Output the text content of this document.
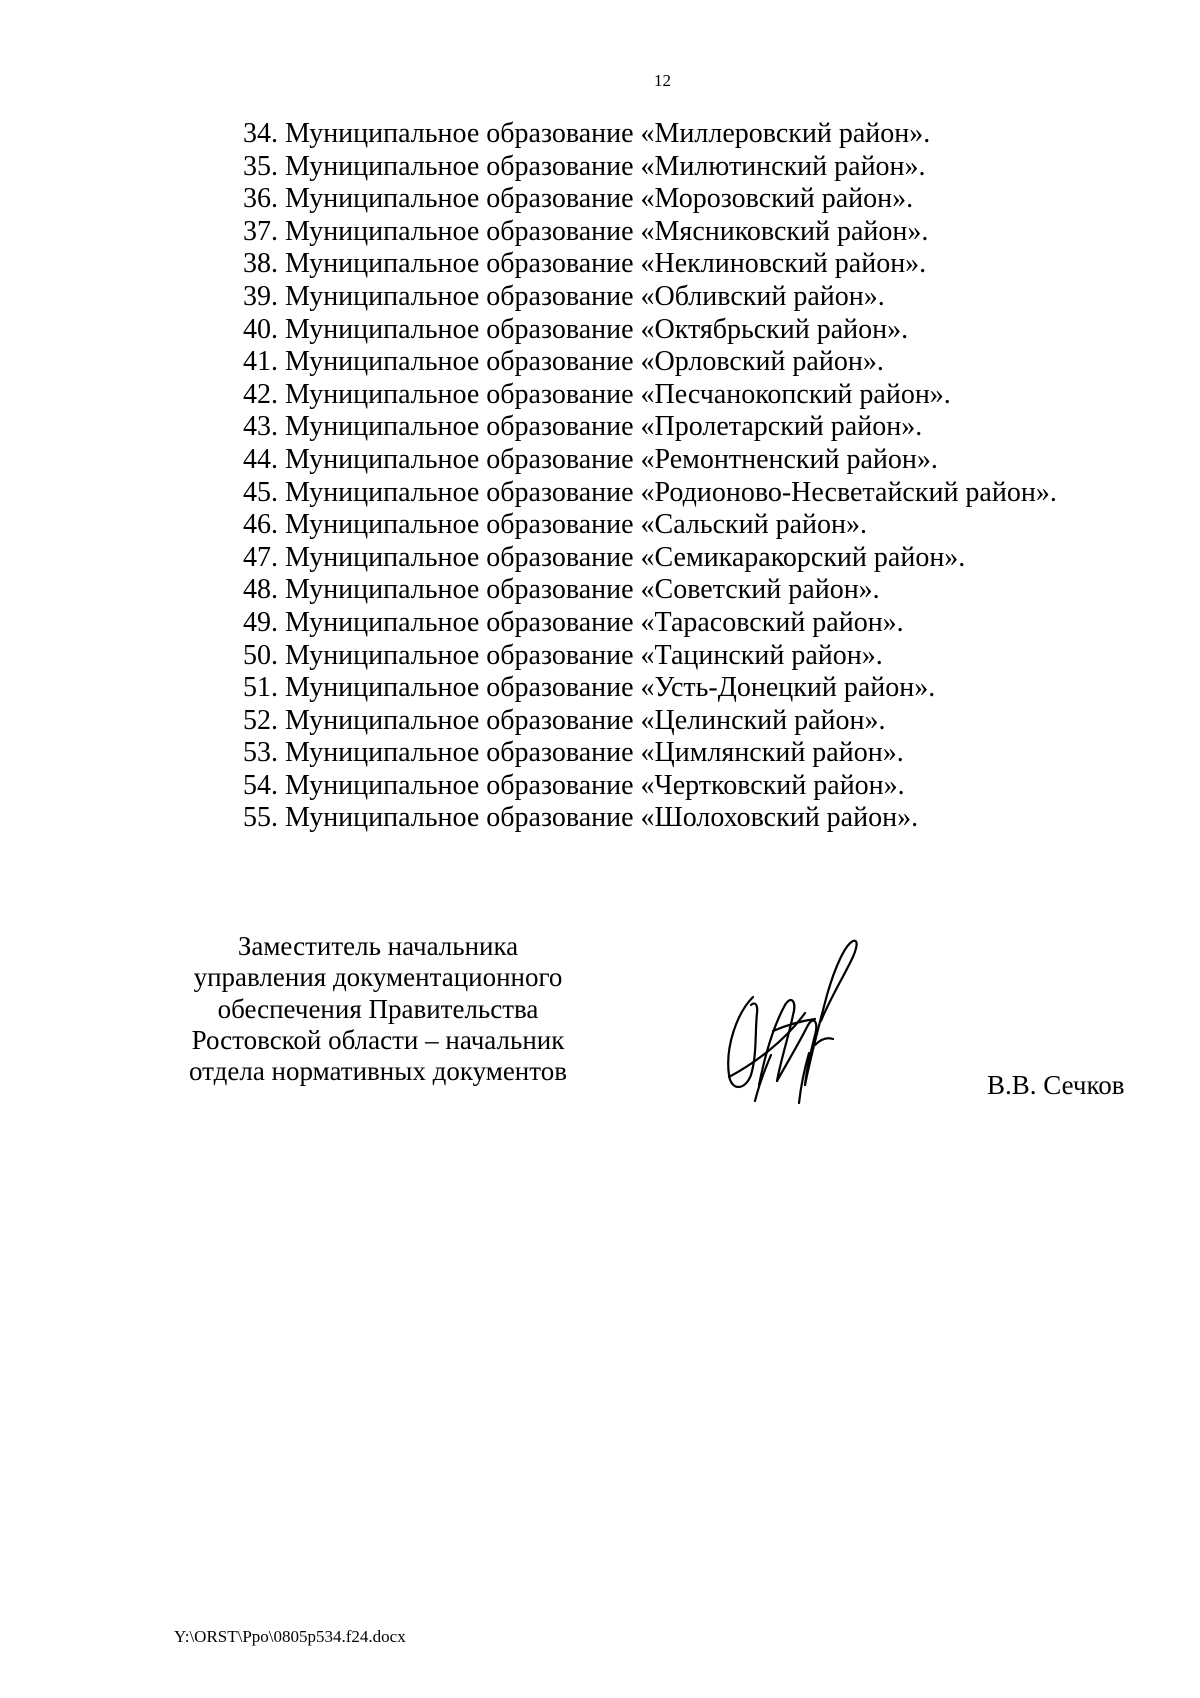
12
34. Муниципальное образование «Миллеровский район».
35. Муниципальное образование «Милютинский район».
36. Муниципальное образование «Морозовский район».
37. Муниципальное образование «Мясниковский район».
38. Муниципальное образование «Неклиновский район».
39. Муниципальное образование «Обливский район».
40. Муниципальное образование «Октябрьский район».
41. Муниципальное образование «Орловский район».
42. Муниципальное образование «Песчанокопский район».
43. Муниципальное образование «Пролетарский район».
44. Муниципальное образование «Ремонтненский район».
45. Муниципальное образование «Родионово-Несветайский район».
46. Муниципальное образование «Сальский район».
47. Муниципальное образование «Семикаракорский район».
48. Муниципальное образование «Советский район».
49. Муниципальное образование «Тарасовский район».
50. Муниципальное образование «Тацинский район».
51. Муниципальное образование «Усть-Донецкий район».
52. Муниципальное образование «Целинский район».
53. Муниципальное образование «Цимлянский район».
54. Муниципальное образование «Чертковский район».
55. Муниципальное образование «Шолоховский район».
Заместитель начальника
управления документационного
обеспечения Правительства
Ростовской области – начальник
отдела нормативных документов	В.В. Сечков
Y:\ORST\Ppo\0805p534.f24.docx
